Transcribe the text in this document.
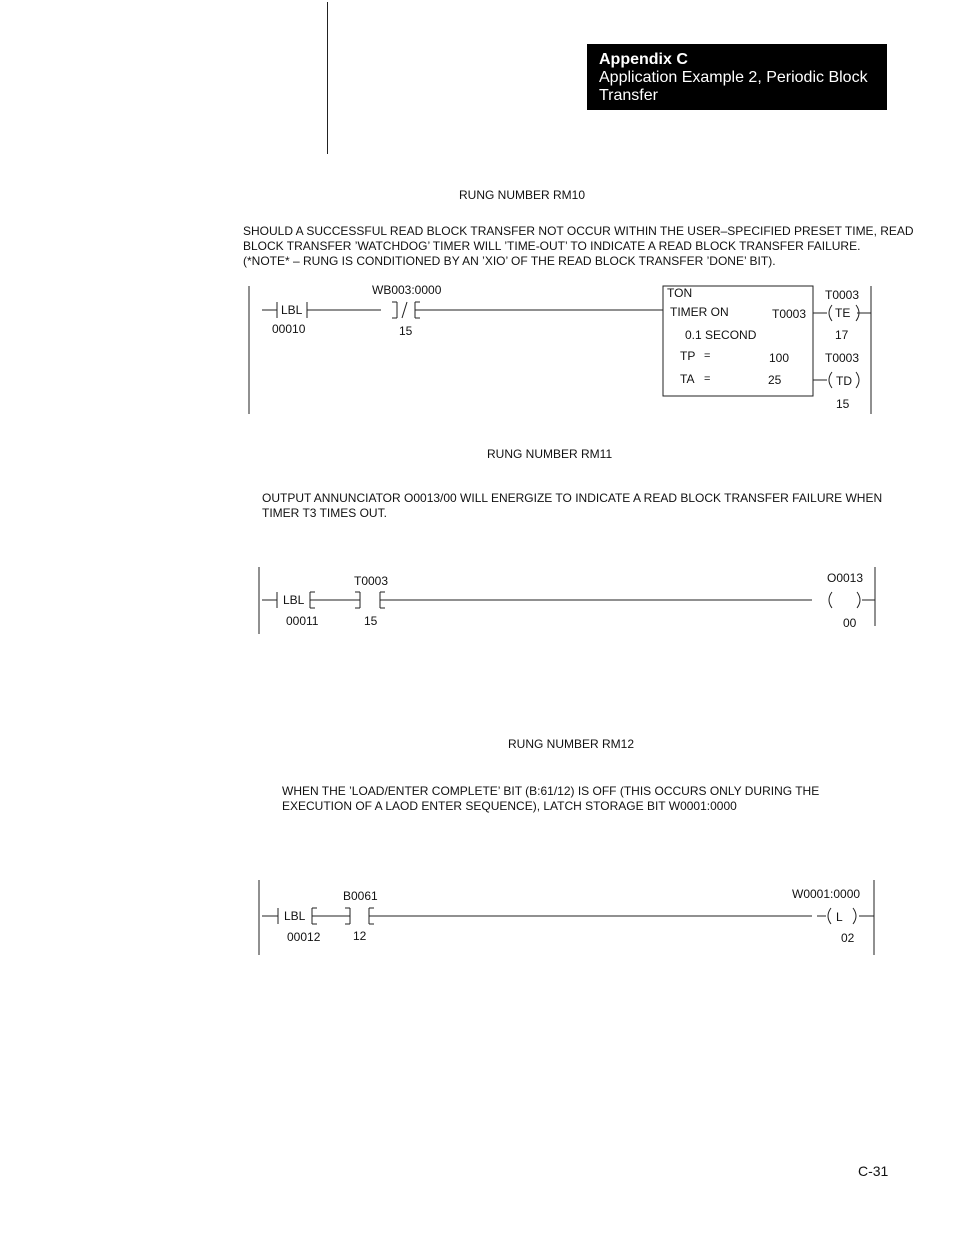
Appendix C
Application Example 2, Periodic Block
Transfer
RUNG NUMBER RM10
SHOULD A SUCCESSFUL READ BLOCK TRANSFER NOT OCCUR WITHIN THE USER–SPECIFIED PRESET TIME, READ
BLOCK TRANSFER ’WATCHDOG’ TIMER WILL ’TIME-OUT’ TO INDICATE A READ BLOCK TRANSFER FAILURE.
(*NOTE* – RUNG IS CONDITIONED BY AN ’XIO’ OF THE READ BLOCK TRANSFER ’DONE’ BIT).
LBL
00010
WB003:0000
15
TON
TIMER ON	T0003
0.1 SECOND
TP =	100
TA =	25
T0003
TE
17
T0003
TD
15
RUNG NUMBER RM11
OUTPUT ANNUNCIATOR O0013/00 WILL ENERGIZE TO INDICATE A READ BLOCK TRANSFER FAILURE WHEN
TIMER T3 TIMES OUT.
LBL
00011
T0003
15
O0013
00
RUNG NUMBER RM12
WHEN THE ’LOAD/ENTER COMPLETE’ BIT (B:61/12) IS OFF (THIS OCCURS ONLY DURING THE
EXECUTION OF A LAOD ENTER SEQUENCE), LATCH STORAGE BIT W0001:0000
LBL
00012
B0061
12
W0001:0000
L
02
C-31
